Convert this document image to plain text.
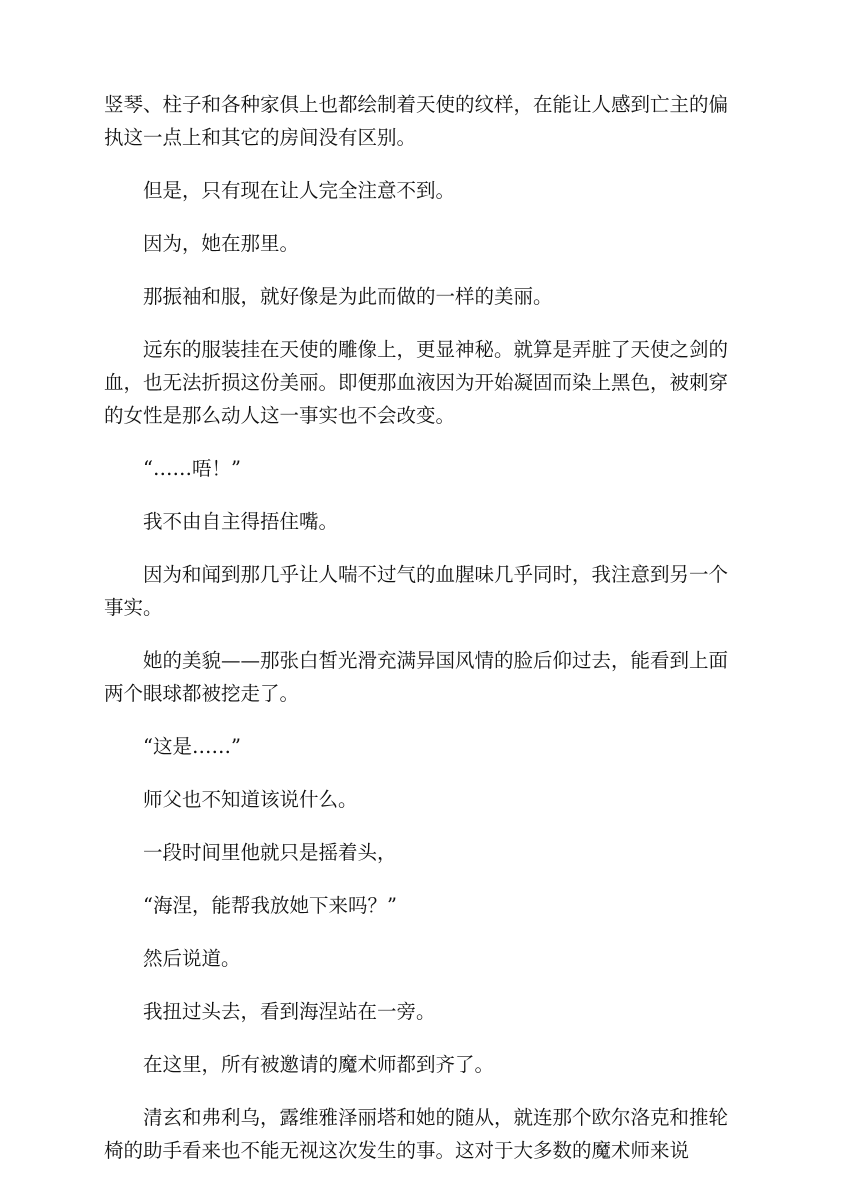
竖琴、柱子和各种家俱上也都绘制着天使的纹样，在能让人感到亡主的偏执这一点上和其它的房间没有区别。

但是，只有现在让人完全注意不到。

因为，她在那里。

那振袖和服，就好像是为此而做的一样的美丽。

远东的服装挂在天使的雕像上，更显神秘。就算是弄脏了天使之剑的血，也无法折损这份美丽。即便那血液因为开始凝固而染上黑色，被刺穿的女性是那么动人这一事实也不会改变。

“……唔！”

我不由自主得捂住嘴。

因为和闻到那几乎让人喘不过气的血腥味几乎同时，我注意到另一个事实。

她的美貌——那张白皙光滑充满异国风情的脸后仰过去，能看到上面两个眼球都被挖走了。

“这是……”

师父也不知道该说什么。

一段时间里他就只是摇着头，

“海涅，能帮我放她下来吗？”

然后说道。

我扭过头去，看到海涅站在一旁。

在这里，所有被邀请的魔术师都到齐了。

清玄和弗利乌，露维雅泽丽塔和她的随从，就连那个欧尔洛克和推轮椅的助手看来也不能无视这次发生的事。这对于大多数的魔术师来说
